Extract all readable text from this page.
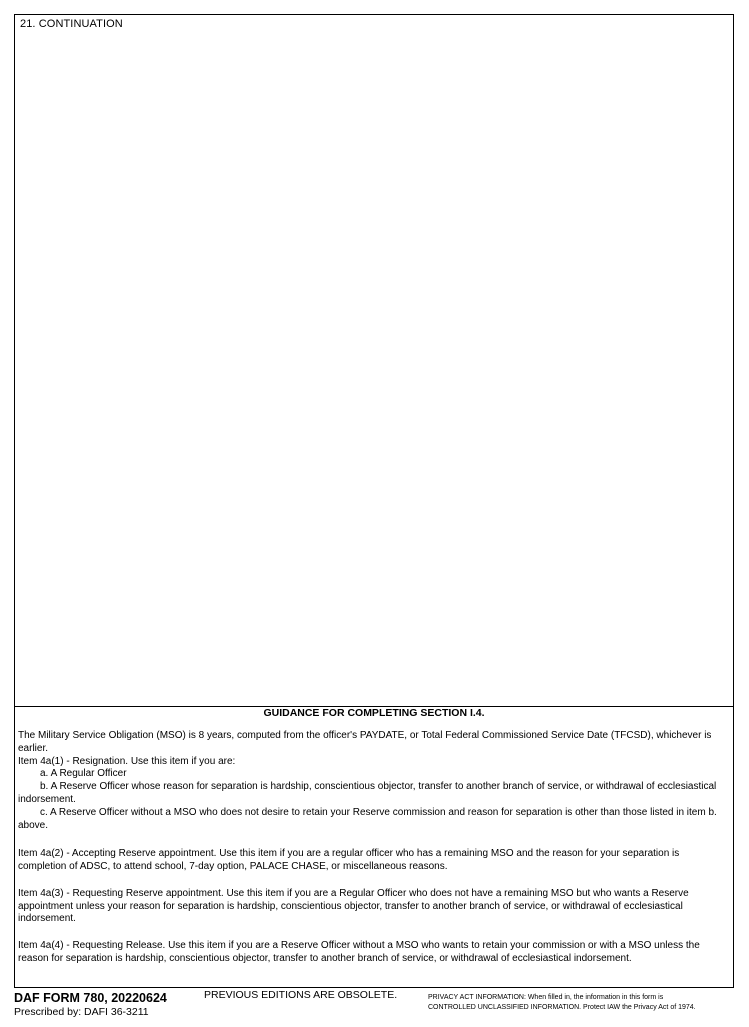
21. CONTINUATION
GUIDANCE FOR COMPLETING SECTION I.4.

The Military Service Obligation (MSO) is 8 years, computed from the officer's PAYDATE, or Total Federal Commissioned Service Date (TFCSD), whichever is earlier.

Item 4a(1) - Resignation. Use this item if you are:

a. A Regular Officer

b. A Reserve Officer whose reason for separation is hardship, conscientious objector, transfer to another branch of service, or withdrawal of ecclesiastical indorsement.

c. A Reserve Officer without a MSO who does not desire to retain your Reserve commission and reason for separation is other than those listed in item b. above.

Item 4a(2) - Accepting Reserve appointment. Use this item if you are a regular officer who has a remaining MSO and the reason for your separation is completion of ADSC, to attend school, 7-day option, PALACE CHASE, or miscellaneous reasons.

Item 4a(3) - Requesting Reserve appointment. Use this item if you are a Regular Officer who does not have a remaining MSO but who wants a Reserve appointment unless your reason for separation is hardship, conscientious objector, transfer to another branch of service, or withdrawal of ecclesiastical indorsement.

Item 4a(4) - Requesting Release. Use this item if you are a Reserve Officer without a MSO who wants to retain your commission or with a MSO unless the reason for separation is hardship, conscientious objector, transfer to another branch of service, or withdrawal of ecclesiastical indorsement.

DAF FORM 780, 20220624
Prescribed by: DAFI 36-3211
PREVIOUS EDITIONS ARE OBSOLETE.	PRIVACY ACT INFORMATION: When filled in, the information in this form is
CONTROLLED UNCLASSIFIED INFORMATION. Protect IAW the Privacy Act of 1974.
